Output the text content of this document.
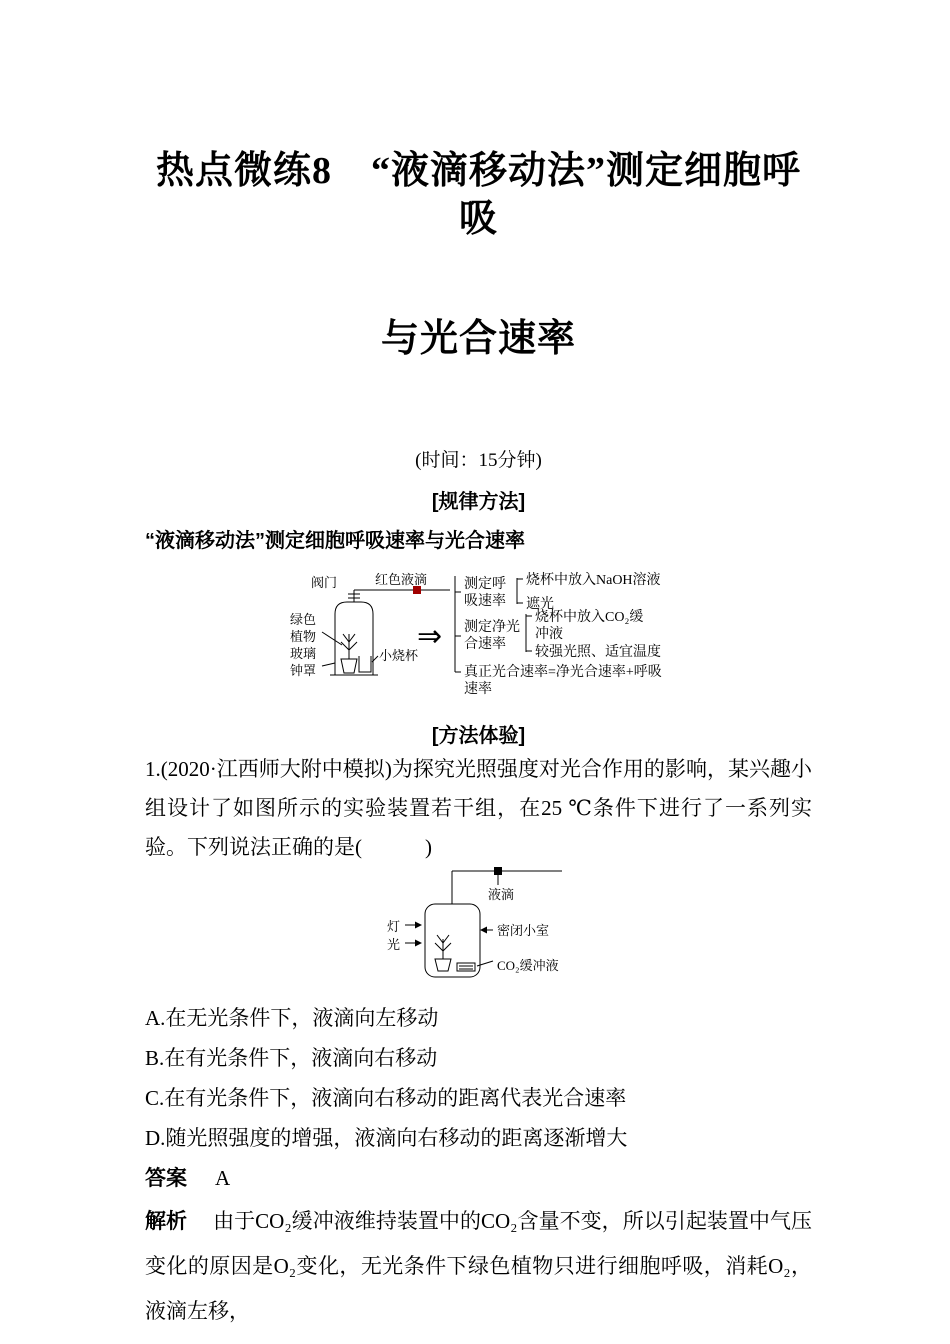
热点微练8　“液滴移动法”测定细胞呼吸
与光合速率

(时间：15分钟)

[规律方法]

“液滴移动法”测定细胞呼吸速率与光合速率

阀门	红色液滴
绿色
植物
玻璃
钟罩
小烧杯
⇒
测定呼
吸速率
烧杯中放入NaOH溶液
遮光
测定净光
合速率
烧杯中放入CO₂缓
冲液
较强光照、适宜温度
真正光合速率=净光合速率+呼吸
速率

[方法体验]

1.(2020·江西师大附中模拟)为探究光照强度对光合作用的影响，某兴趣小组设计了如图所示的实验装置若干组，在25 ℃条件下进行了一系列实验。下列说法正确的是(　　　)

液滴
灯
光
密闭小室
CO₂缓冲液

A.在无光条件下，液滴向左移动

B.在有光条件下，液滴向右移动

C.在有光条件下，液滴向右移动的距离代表光合速率

D.随光照强度的增强，液滴向右移动的距离逐渐增大

答案 A

解析 由于CO₂缓冲液维持装置中的CO₂含量不变，所以引起装置中气压变化的原因是O₂变化，无光条件下绿色植物只进行细胞呼吸，消耗O₂，液滴左移，
